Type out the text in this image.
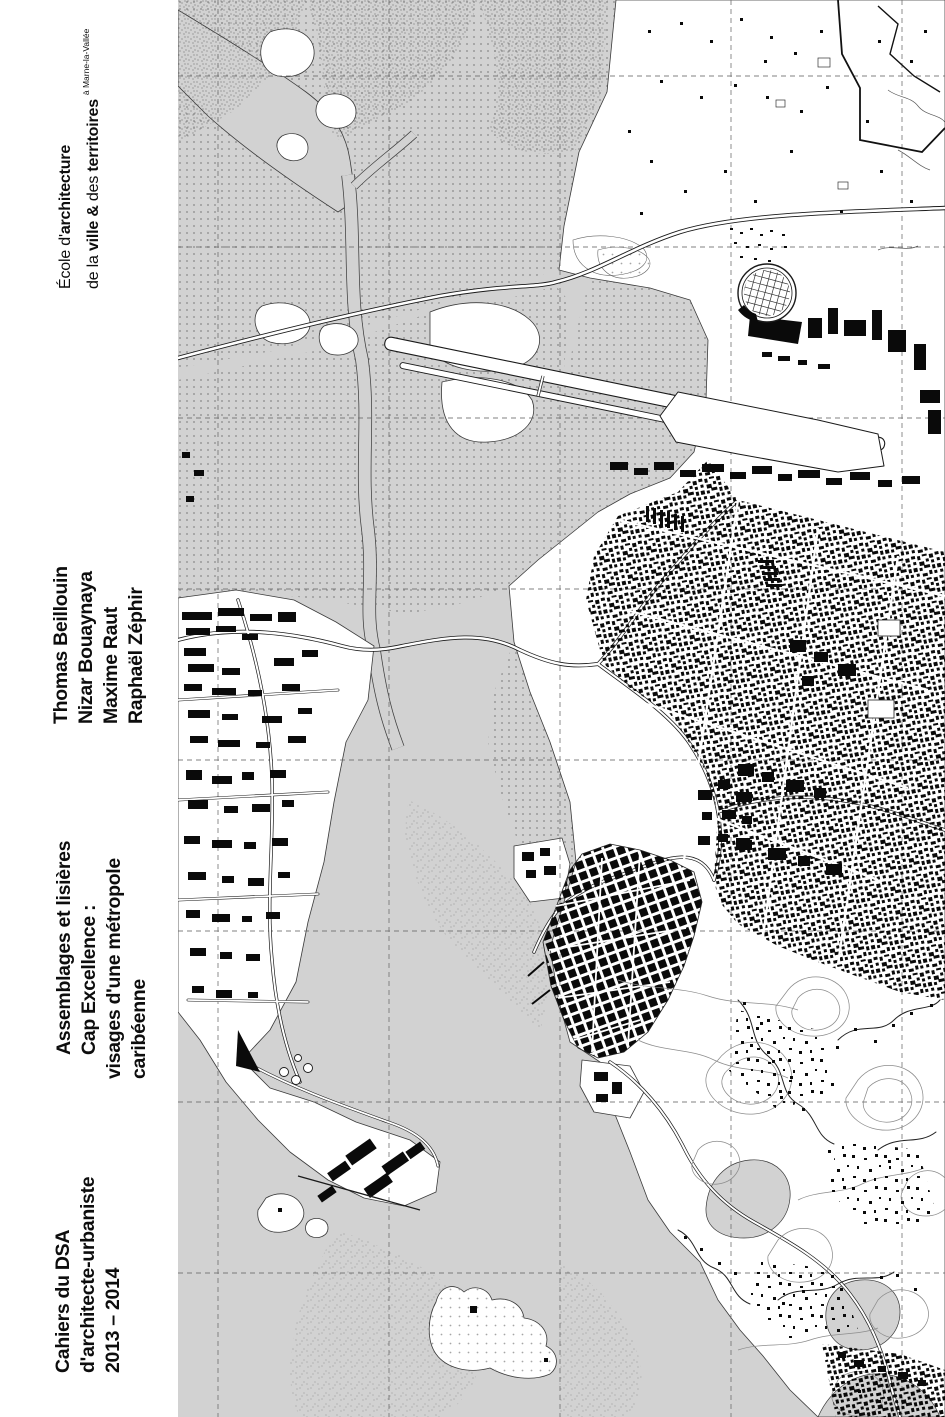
École d'architecture
de la ville & des territoires$^{à Marne-la-Vallée}$
Thomas Beillouin Nizar Bouaynaya Maxime Raut Raphaël Zéphir
Assemblages et lisières Cap Excellence : visages d'une métropole caribéenne
Cahiers du DSA d'architecte-urbaniste 2013 – 2014
